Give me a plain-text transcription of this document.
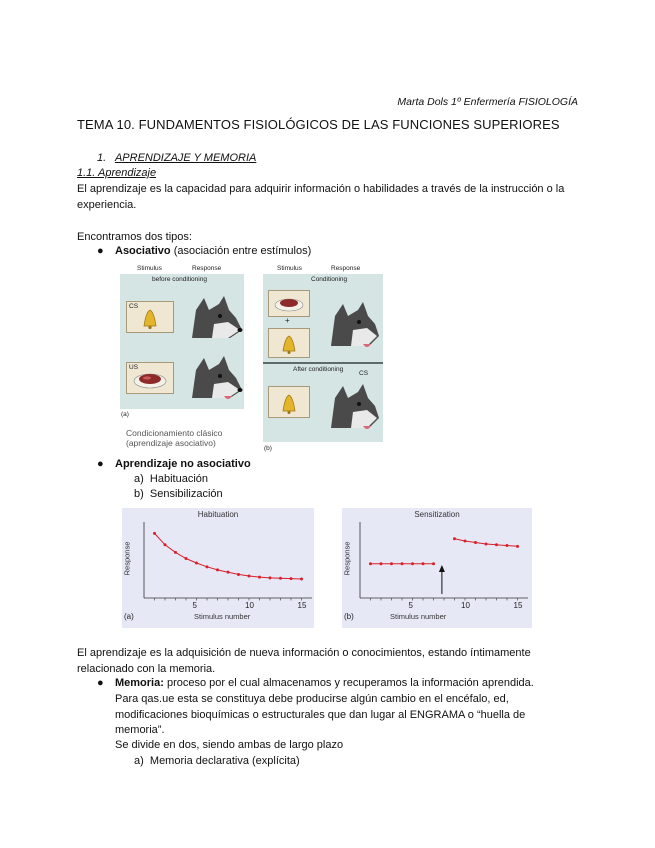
Marta Dols 1º Enfermería FISIOLOGÍA
TEMA 10. FUNDAMENTOS FISIOLÓGICOS DE LAS FUNCIONES SUPERIORES
1. APRENDIZAJE Y MEMORIA
1.1. Aprendizaje
El aprendizaje es la capacidad para adquirir información o habilidades a través de la instrucción o la experiencia.
Encontramos dos tipos:
● Asociativo (asociación entre estímulos)
Stimulus	Response
before conditioning
CS
US
(a)
Condicionamiento clásico
(aprendizaje asociativo)
Stimulus	Response
Conditioning
+
After conditioning
CS
(b)
● Aprendizaje no asociativo
a) Habituación
b) Sensibilización
Habituation
Response
Stimulus number
(a)
5	10	15
Sensitization
Response
Stimulus number
(b)
5	10	15
El aprendizaje es la adquisición de nueva información o conocimientos, estando íntimamente relacionado con la memoria.
● Memoria: proceso por el cual almacenamos y recuperamos la información aprendida.
Para qas.ue esta se constituya debe producirse algún cambio en el encéfalo, ed,
modificaciones bioquímicas o estructurales que dan lugar al ENGRAMA o “huella de
memoria”.
Se divide en dos, siendo ambas de largo plazo
a) Memoria declarativa (explícita)
